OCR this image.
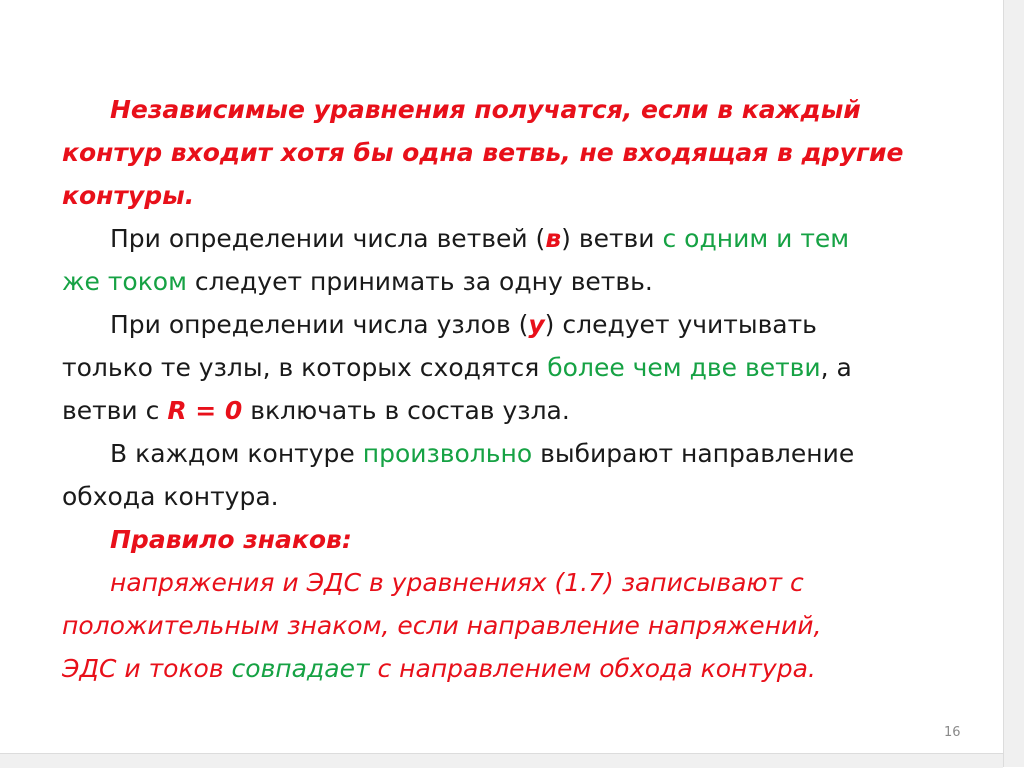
Независимые уравнения получатся, если в каждый
контур входит хотя бы одна ветвь, не входящая в другие
контуры.
При определении числа ветвей (в) ветви с одним и тем
же током следует принимать за одну ветвь.
При определении числа узлов (у) следует учитывать
только те узлы, в которых сходятся более чем две ветви, а
ветви с R = 0 включать в состав узла.
В каждом контуре произвольно выбирают направление
обхода контура.
Правило знаков:
напряжения и ЭДС в уравнениях (1.7) записывают с
положительным знаком, если направление напряжений,
ЭДС и токов совпадает с направлением обхода контура.
16
